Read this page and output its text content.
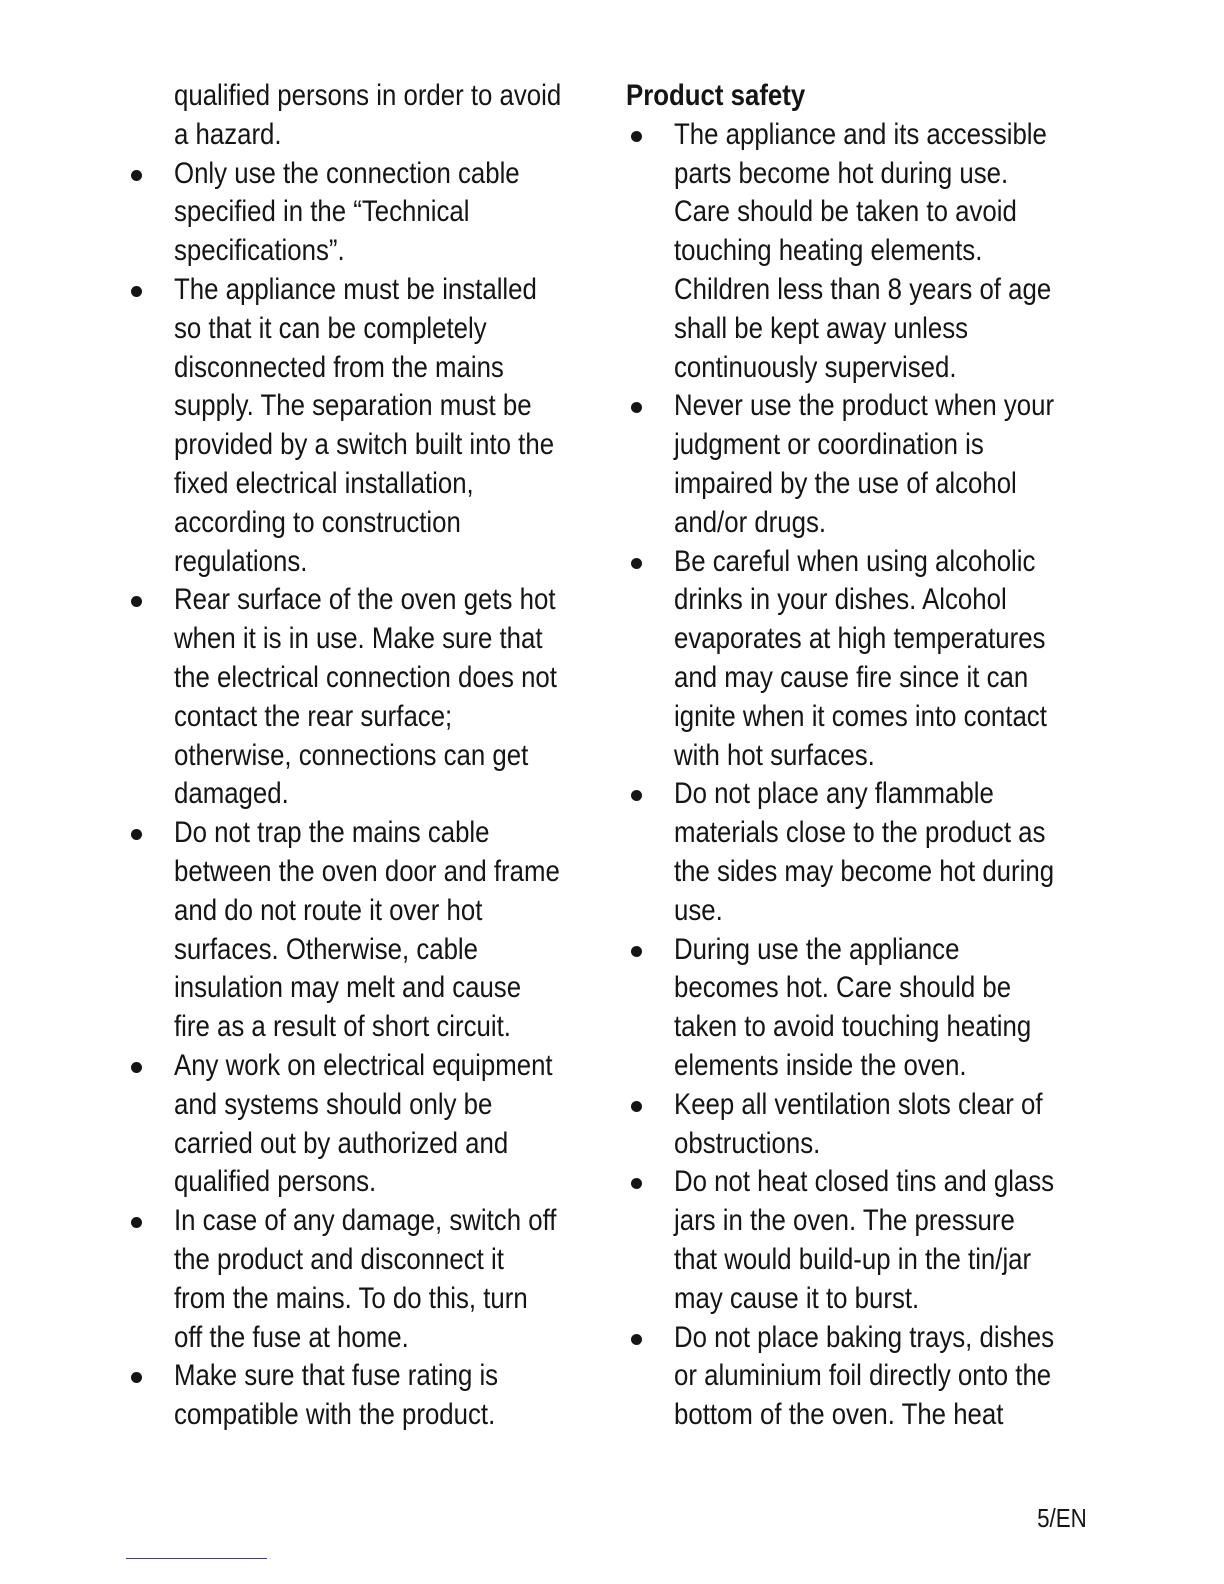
qualified persons in order to avoid
a hazard.
Only use the connection cable
specified in the “Technical
specifications”.
The appliance must be installed
so that it can be completely
disconnected from the mains
supply. The separation must be
provided by a switch built into the
fixed electrical installation,
according to construction
regulations.
Rear surface of the oven gets hot
when it is in use. Make sure that
the electrical connection does not
contact the rear surface;
otherwise, connections can get
damaged.
Do not trap the mains cable
between the oven door and frame
and do not route it over hot
surfaces. Otherwise, cable
insulation may melt and cause
fire as a result of short circuit.
Any work on electrical equipment
and systems should only be
carried out by authorized and
qualified persons.
In case of any damage, switch off
the product and disconnect it
from the mains. To do this, turn
off the fuse at home.
Make sure that fuse rating is
compatible with the product.
Product safety
The appliance and its accessible
parts become hot during use.
Care should be taken to avoid
touching heating elements.
Children less than 8 years of age
shall be kept away unless
continuously supervised.
Never use the product when your
judgment or coordination is
impaired by the use of alcohol
and/or drugs.
Be careful when using alcoholic
drinks in your dishes. Alcohol
evaporates at high temperatures
and may cause fire since it can
ignite when it comes into contact
with hot surfaces.
Do not place any flammable
materials close to the product as
the sides may become hot during
use.
During use the appliance
becomes hot. Care should be
taken to avoid touching heating
elements inside the oven.
Keep all ventilation slots clear of
obstructions.
Do not heat closed tins and glass
jars in the oven. The pressure
that would build-up in the tin/jar
may cause it to burst.
Do not place baking trays, dishes
or aluminium foil directly onto the
bottom of the oven. The heat
5/EN
